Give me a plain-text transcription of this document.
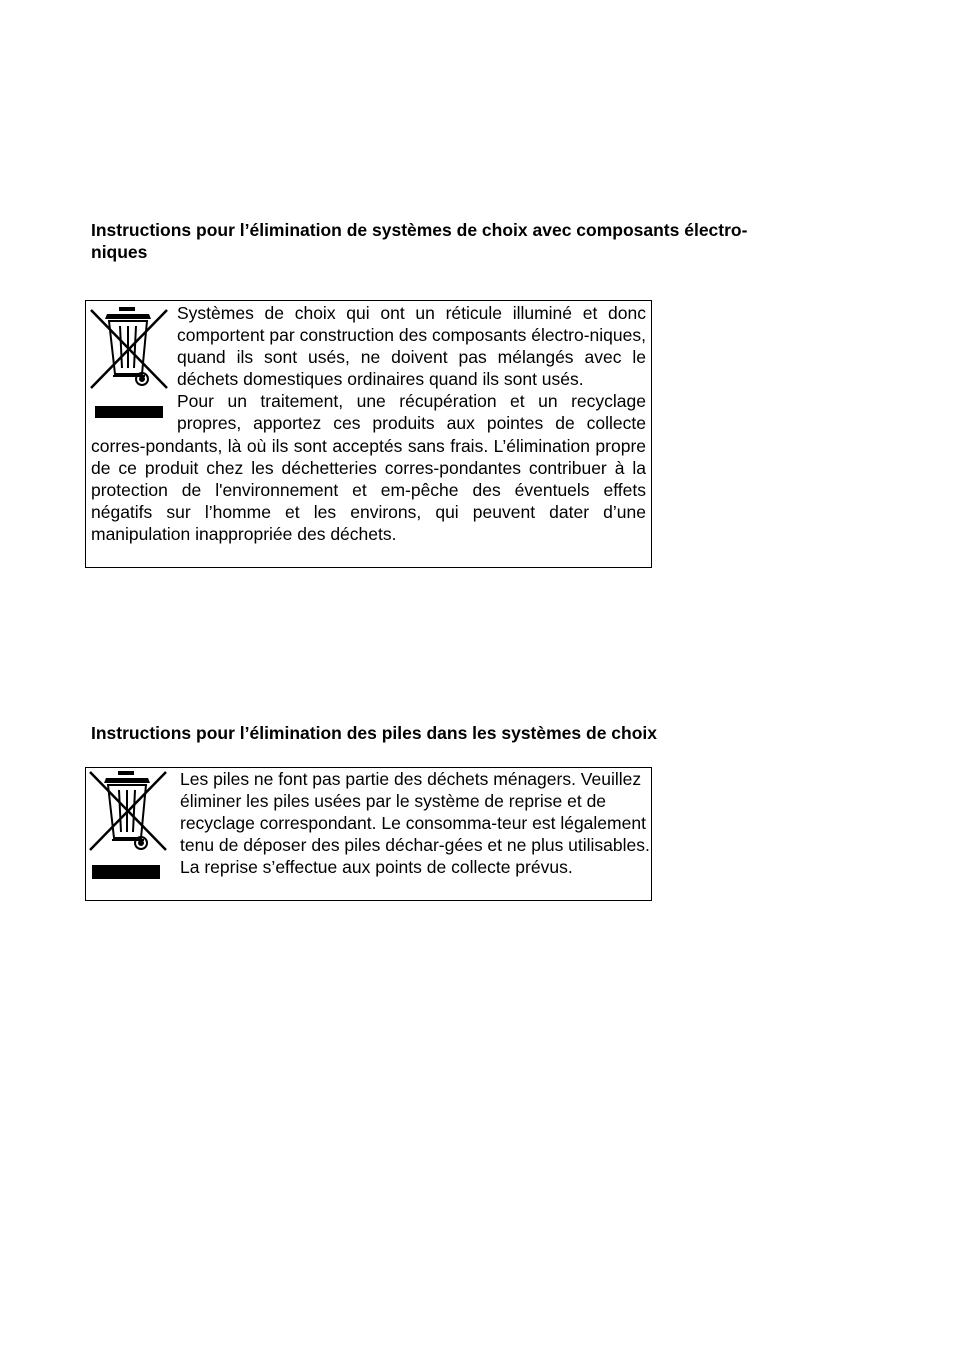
Instructions pour l’élimination de systèmes de choix avec composants électro-
niques

Systèmes de choix qui ont un réticule illuminé et donc comportent par construction des composants électro-niques, quand ils sont usés, ne doivent pas mélangés avec le déchets domestiques ordinaires quand ils sont usés.

Pour un traitement, une récupération et un recyclage propres, apportez ces produits aux pointes de collecte corres-pondants, là où ils sont acceptés sans frais. L’élimination propre de ce produit chez les déchetteries corres-pondantes contribuer à la protection de l'environnement et em-pêche des éventuels effets négatifs sur l’homme et les environs, qui peuvent dater d’une manipulation inappropriée des déchets.

Instructions pour l’élimination des piles dans les systèmes de choix

Les piles ne font pas partie des déchets ménagers. Veuillez éliminer les piles usées par le système de reprise et de recyclage correspondant. Le consomma-teur est légalement tenu de déposer des piles déchar-gées et ne plus utilisables. La reprise s’effectue aux points de collecte prévus.
